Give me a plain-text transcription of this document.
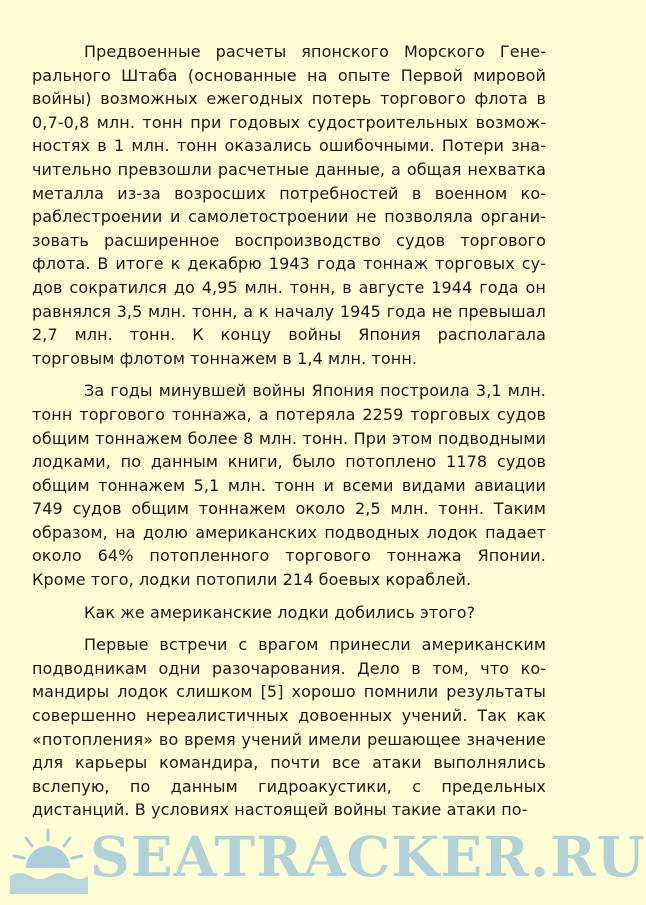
Предвоенные расчеты японского Морского Генерального Штаба (основанные на опыте Первой мировой войны) возможных ежегодных потерь торгового флота в 0,7-0,8 млн. тонн при годовых судостроительных возможностях в 1 млн. тонн оказались ошибочными. Потери значительно превзошли расчетные данные, а общая нехватка металла из-за возросших потребностей в военном кораблестроении и самолетостроении не позволяла организовать расширенное воспроизводство судов торгового флота. В итоге к декабрю 1943 года тоннаж торговых судов сократился до 4,95 млн. тонн, в августе 1944 года он равнялся 3,5 млн. тонн, а к началу 1945 года не превышал 2,7 млн. тонн. К концу войны Япония располагала торговым флотом тоннажем в 1,4 млн. тонн.

За годы минувшей войны Япония построила 3,1 млн. тонн торгового тоннажа, а потеряла 2259 торговых судов общим тоннажем более 8 млн. тонн. При этом подводными лодками, по данным книги, было потоплено 1178 судов общим тоннажем 5,1 млн. тонн и всеми видами авиации 749 судов общим тоннажем около 2,5 млн. тонн. Таким образом, на долю американских подводных лодок падает около 64% потопленного торгового тоннажа Японии. Кроме того, лодки потопили 214 боевых кораблей.

Как же американские лодки добились этого?

Первые встречи с врагом принесли американским подводникам одни разочарования. Дело в том, что командиры лодок слишком [5] хорошо помнили результаты совершенно нереалистичных довоенных учений. Так как «потопления» во время учений имели решающее значение для карьеры командира, почти все атаки выполнялись вслепую, по данным гидроакустики, с предельных дистанций. В условиях настоящей войны такие атаки по-

SEATRACKER.RU
